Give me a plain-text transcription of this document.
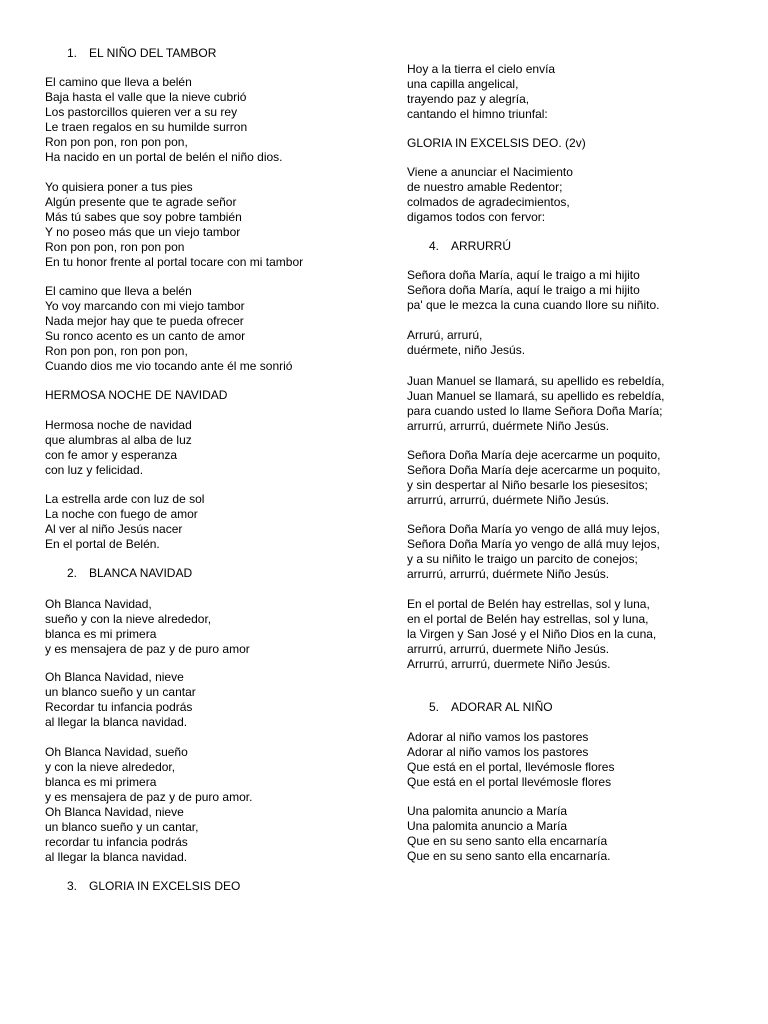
1. EL NIÑO DEL TAMBOR
El camino que lleva a belén
Baja hasta el valle que la nieve cubrió
Los pastorcillos quieren ver a su rey
Le traen regalos en su humilde surron
Ron pon pon, ron pon pon,
Ha nacido en un portal de belén el niño dios.
Yo quisiera poner a tus pies
Algún presente que te agrade señor
Más tú sabes que soy pobre también
Y no poseo más que un viejo tambor
Ron pon pon, ron pon pon
En tu honor frente al portal tocare con mi tambor
El camino que lleva a belén
Yo voy marcando con mi viejo tambor
Nada mejor hay que te pueda ofrecer
Su ronco acento es un canto de amor
Ron pon pon, ron pon pon,
Cuando dios me vio tocando ante él me sonrió
HERMOSA NOCHE DE NAVIDAD
Hermosa noche de navidad
que alumbras al alba de luz
con fe amor y esperanza
con luz y felicidad.
La estrella arde con luz de sol
La noche con fuego de amor
Al ver al niño Jesús nacer
En el portal de Belén.
2. BLANCA NAVIDAD
Oh Blanca Navidad,
sueño y con la nieve alrededor,
blanca es mi primera
y es mensajera de paz y de puro amor
Oh Blanca Navidad, nieve
un blanco sueño y un cantar
Recordar tu infancia podrás
al llegar la blanca navidad.
Oh Blanca Navidad, sueño
y con la nieve alrededor,
blanca es mi primera
y es mensajera de paz y de puro amor.
Oh Blanca Navidad, nieve
un blanco sueño y un cantar,
recordar tu infancia podrás
al llegar la blanca navidad.
3. GLORIA IN EXCELSIS DEO
Hoy a la tierra el cielo envía
una capilla angelical,
trayendo paz y alegría,
cantando el himno triunfal:
GLORIA IN EXCELSIS DEO. (2v)
Viene a anunciar el Nacimiento
de nuestro amable Redentor;
colmados de agradecimientos,
digamos todos con fervor:
4. ARRURRÚ
Señora doña María, aquí le traigo a mi hijito
Señora doña María, aquí le traigo a mi hijito
pa' que le mezca la cuna cuando llore su niñito.
Arrurú, arrurú,
duérmete, niño Jesús.
Juan Manuel se llamará, su apellido es rebeldía,
Juan Manuel se llamará, su apellido es rebeldía,
para cuando usted lo llame Señora Doña María;
arrurrú, arrurrú, duérmete Niño Jesús.
Señora Doña María deje acercarme un poquito,
Señora Doña María deje acercarme un poquito,
y sin despertar al Niño besarle los piesesitos;
arrurrú, arrurrú, duérmete Niño Jesús.
Señora Doña María yo vengo de allá muy lejos,
Señora Doña María yo vengo de allá muy lejos,
y a su niñito le traigo un parcito de conejos;
arrurrú, arrurrú, duérmete Niño Jesús.
En el portal de Belén hay estrellas, sol y luna,
en el portal de Belén hay estrellas, sol y luna,
la Virgen y San José y el Niño Dios en la cuna,
arrurrú, arrurrú, duermete Niño Jesús.
Arrurrú, arrurrú, duermete Niño Jesús.
5. ADORAR AL NIÑO
Adorar al niño vamos los pastores
Adorar al niño vamos los pastores
Que está en el portal, llevémosle flores
Que está en el portal llevémosle flores
Una palomita anuncio a María
Una palomita anuncio a María
Que en su seno santo ella encarnaría
Que en su seno santo ella encarnaría.
